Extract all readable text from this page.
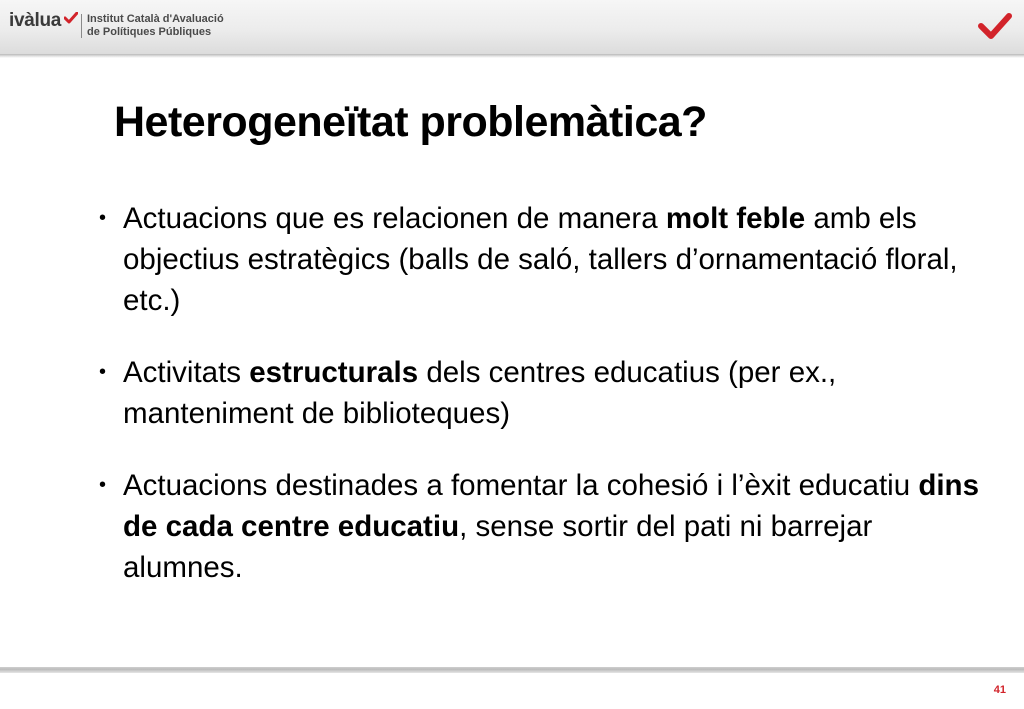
ivàlua Institut Català d'Avaluació
de Polítiques Públiques
Heterogeneïtat problemàtica?
• Actuacions que es relacionen de manera molt feble amb els objectius estratègics (balls de saló, tallers d’ornamentació floral, etc.)
• Activitats estructurals dels centres educatius (per ex., manteniment de biblioteques)
• Actuacions destinades a fomentar la cohesió i l’èxit educatiu dins de cada centre educatiu, sense sortir del pati ni barrejar alumnes.
41
